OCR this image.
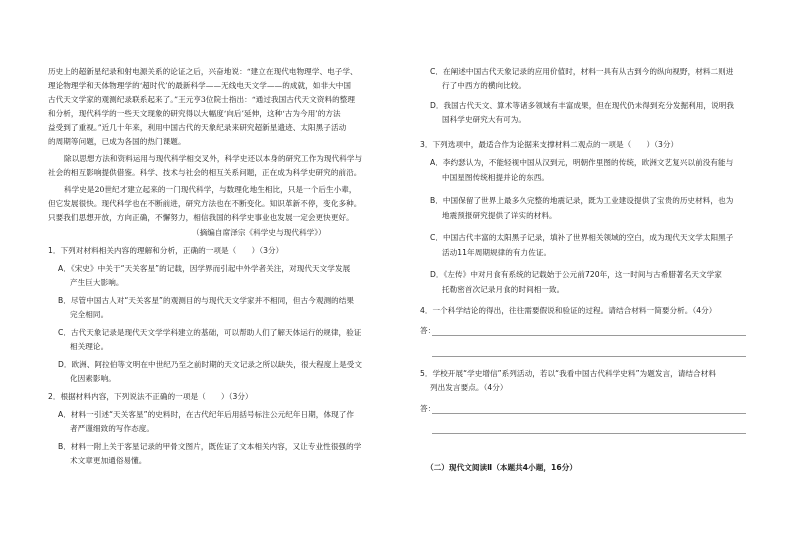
历史上的超新星纪录和射电源关系的论证之后，兴奋地说：“建立在现代电物理学、电子学、
理论物理学和天体物理学的‘超时代’的最新科学——无线电天文学——的成就，如非大中国
古代天文学家的观测纪录联系起来了。”王元亨3位院士指出：“通过我国古代天文资料的整理
和分析，现代科学的一些天文现象的研究得以大幅度‘向后’延伸，这种‘古为今用’的方法
益受到了重视。”近几十年来，利用中国古代的天象纪录来研究超新星遗迹、太阳黑子活动
的周期等问题，已成为各国的热门课题。
除以思想方法和资料运用与现代科学相交叉外，科学史还以本身的研究工作为现代科学与
社会的相互影响提供借鉴。科学、技术与社会的相互关系问题，正在成为科学史研究的前沿。
科学史是20世纪才建立起来的一门现代科学，与数理化地生相比，只是一个后生小辈，
但它发展很快。现代科学也在不断前进，研究方法也在不断变化。知识革新不停，变化多种。
只要我们思想开放，方向正确，不懈努力，相信我国的科学史事业也发展一定会更快更好。
（摘编自席泽宗《科学史与现代科学》）
1．下列对材料相关内容的理解和分析，正确的一项是（　　）（3分）
A．《宋史》中关于“天关客星”的记载，因学界而引起中外学者关注，对现代天文学发展
产生巨大影响。
B．尽管中国古人对“天关客星”的观测目的与现代天文学家并不相同，但古今观测的结果
完全相同。
C．古代天象记录是现代天文学学科建立的基础，可以帮助人们了解天体运行的规律，验证
相关理论。
D．欧洲、阿拉伯等文明在中世纪乃至之前时期的天文记录之所以缺失，很大程度上是受文
化因素影响。
2．根据材料内容，下列说法不正确的一项是（　　）（3分）
A．材料一引述“天关客星”的史料时，在古代纪年后用括号标注公元纪年日期，体现了作
者严谨细致的写作态度。
B．材料一附上关于客星记录的甲骨文图片，既佐证了文本相关内容，又让专业性很强的学
术文章更加通俗易懂。
C．在阐述中国古代天象记录的应用价值时，材料一具有从古到今的纵向视野，材料二则进
行了中西方的横向比较。
D．我国古代天文、算术等诸多领域有丰富成果，但在现代仍未得到充分发掘利用，说明我
国科学史研究大有可为。
3．下列选项中，最适合作为论据来支撑材料二观点的一项是（　　）（3分）
A．李约瑟认为，不能轻视中国从汉到元，明朝作里图的传统，欧洲文艺复兴以前没有能与
中国星图传统相提并论的东西。
B．中国保留了世界上最多久完整的地震记录，既为工业建设提供了宝贵的历史材料，也为
地震预报研究提供了详实的材料。
C．中国古代丰富的太阳黑子记录，填补了世界相关领域的空白，成为现代天文学太阳黑子
活动11年周期规律的有力佐证。
D．《左传》中对月食有系统的记载始于公元前720年，这一时间与古希腊著名天文学家
托勒密首次记录月食的时间相一致。
4．一个科学结论的得出，往往需要假说和验证的过程。请结合材料一简要分析。（4分）
答：
5．学校开展“学史增信”系列活动，若以“我看中国古代科学史料”为题发言，请结合材料
列出发言要点。（4分）
答：
（二）现代文阅读Ⅱ（本题共4小题，16分）
